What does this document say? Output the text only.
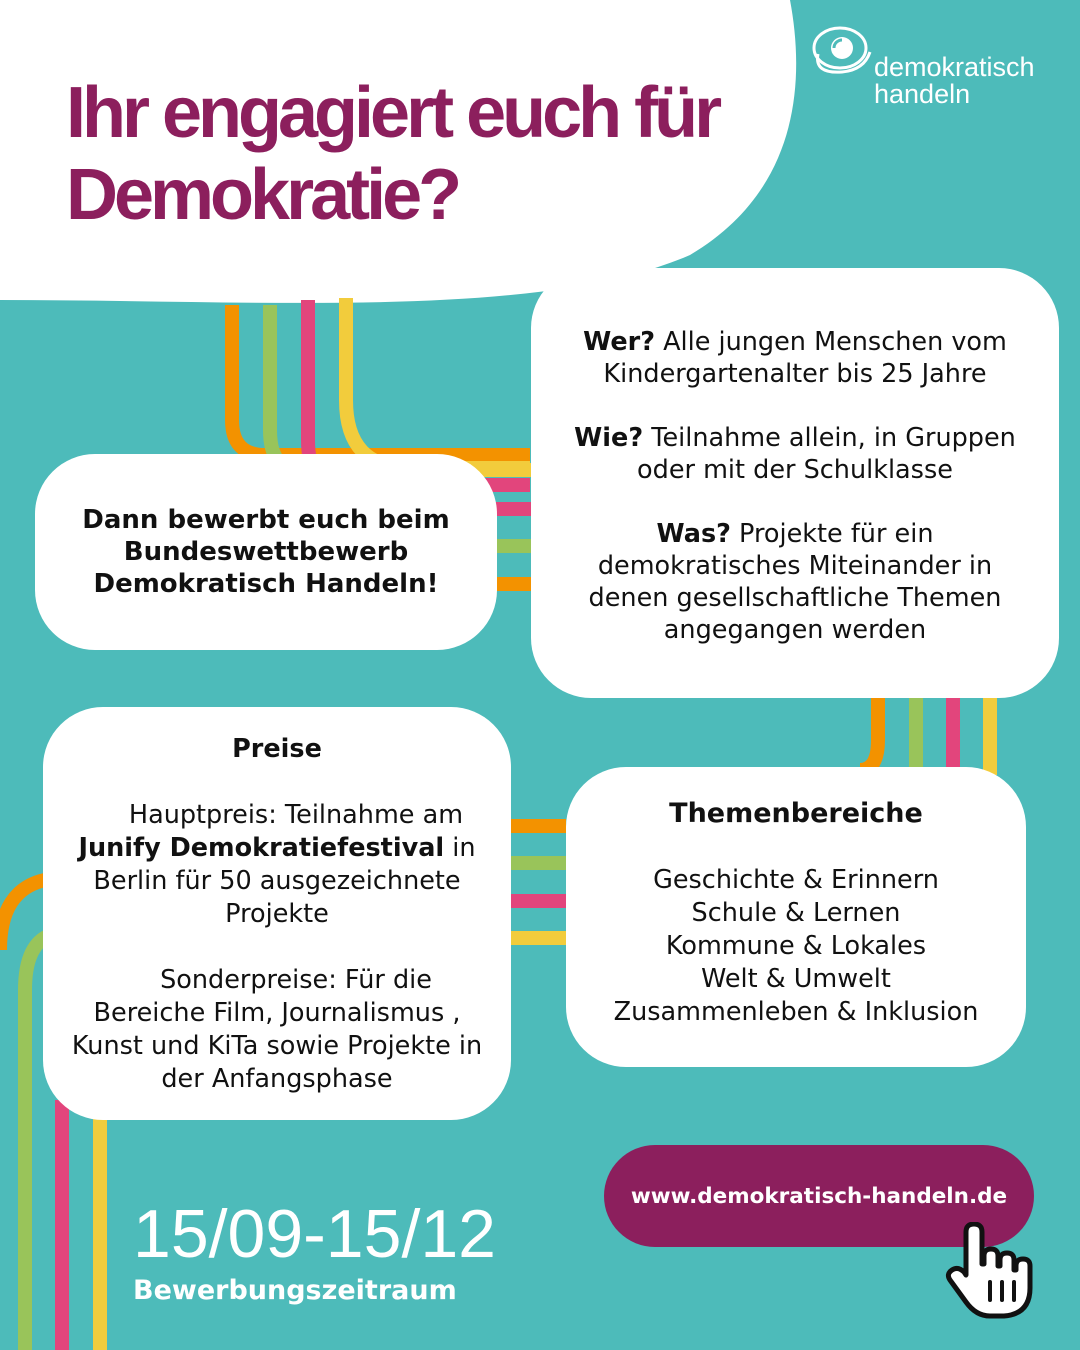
Ihr engagiert euch für
Demokratie?
demokratisch
handeln
Dann bewerbt euch beim
Bundeswettbewerb
Demokratisch Handeln!

Wer? Alle jungen Menschen vom Kindergartenalter bis 25 Jahre

Wie? Teilnahme allein, in Gruppen oder mit der Schulklasse

Was? Projekte für ein demokratisches Miteinander in denen gesellschaftliche Themen angegangen werden

Preise

Hauptpreis: Teilnahme am Junify Demokratiefestival in Berlin für 50 ausgezeichnete Projekte

Sonderpreise: Für die Bereiche Film, Journalismus , Kunst und KiTa sowie Projekte in der Anfangsphase

Themenbereiche
Geschichte & Erinnern
Schule & Lernen
Kommune & Lokales
Welt & Umwelt
Zusammenleben & Inklusion
15/09-15/12
Bewerbungszeitraum
www.demokratisch-handeln.de
